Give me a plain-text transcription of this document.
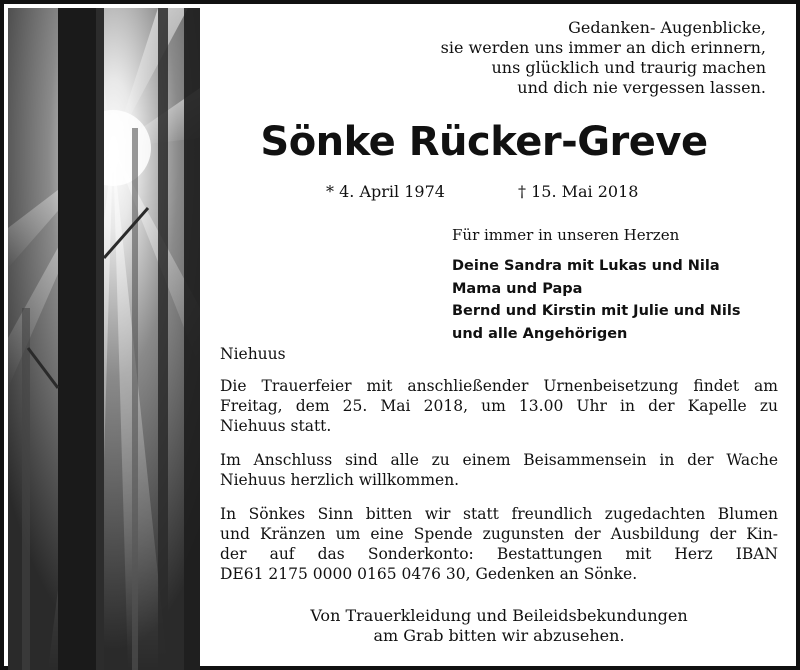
Gedanken- Augenblicke,
sie werden uns immer an dich erinnern,
uns glücklich und traurig machen
und dich nie vergessen lassen.
Sönke Rücker-Greve
* 4. April 1974	† 15. Mai 2018
Für immer in unseren Herzen
Deine Sandra mit Lukas und Nila
Mama und Papa
Bernd und Kirstin mit Julie und Nils
und alle Angehörigen
Niehuus
Die Trauerfeier mit anschließender Urnenbeisetzung findet am
Freitag, dem 25. Mai 2018, um 13.00 Uhr in der Kapelle zu
Niehuus statt.
Im Anschluss sind alle zu einem Beisammensein in der Wache
Niehuus herzlich willkommen.
In Sönkes Sinn bitten wir statt freundlich zugedachten Blumen
und Kränzen um eine Spende zugunsten der Ausbildung der Kin-
der auf das Sonderkonto: Bestattungen mit Herz IBAN
DE61 2175 0000 0165 0476 30, Gedenken an Sönke.
Von Trauerkleidung und Beileidsbekundungen
am Grab bitten wir abzusehen.
